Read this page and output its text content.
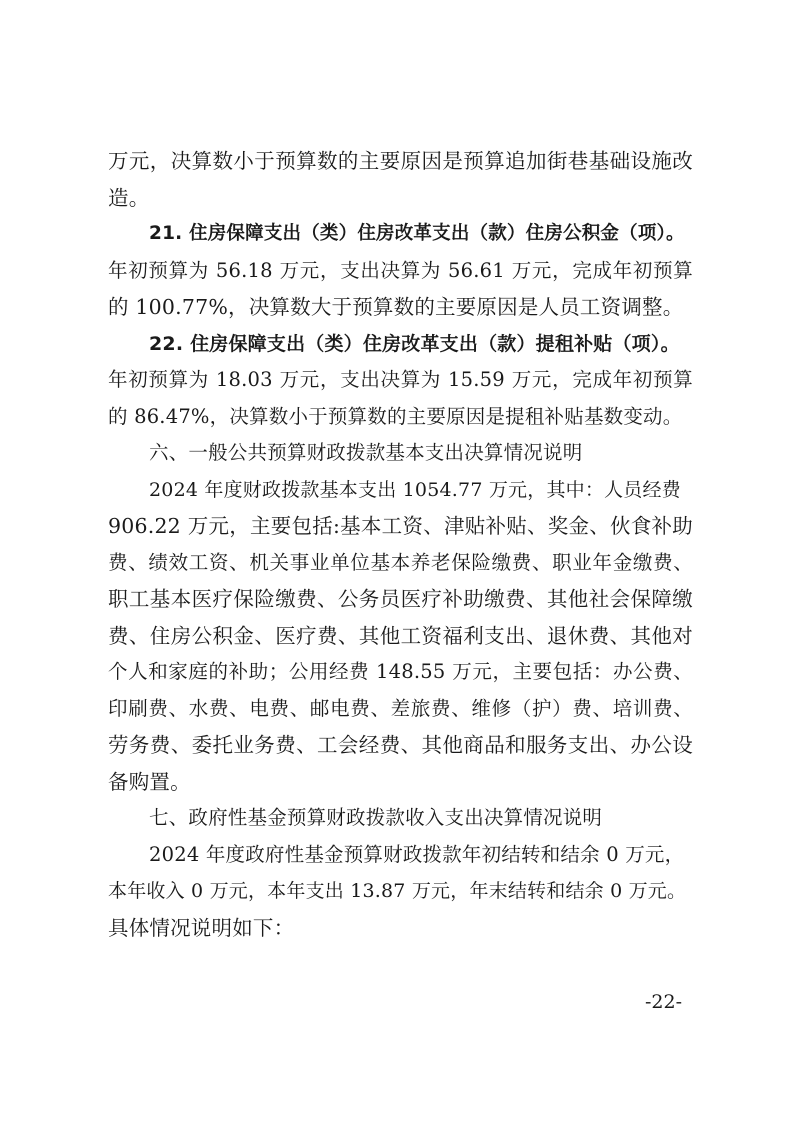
万元，决算数小于预算数的主要原因是预算追加街巷基础设施改
造。
21. 住房保障支出（类）住房改革支出（款）住房公积金（项）。
年初预算为 56.18 万元，支出决算为 56.61 万元，完成年初预算
的 100.77%，决算数大于预算数的主要原因是人员工资调整。
22. 住房保障支出（类）住房改革支出（款）提租补贴（项）。
年初预算为 18.03 万元，支出决算为 15.59 万元，完成年初预算
的 86.47%，决算数小于预算数的主要原因是提租补贴基数变动。
六、一般公共预算财政拨款基本支出决算情况说明
2024 年度财政拨款基本支出 1054.77 万元，其中：人员经费
906.22 万元，主要包括:基本工资、津贴补贴、奖金、伙食补助
费、绩效工资、机关事业单位基本养老保险缴费、职业年金缴费、
职工基本医疗保险缴费、公务员医疗补助缴费、其他社会保障缴
费、住房公积金、医疗费、其他工资福利支出、退休费、其他对
个人和家庭的补助；公用经费 148.55 万元，主要包括：办公费、
印刷费、水费、电费、邮电费、差旅费、维修（护）费、培训费、
劳务费、委托业务费、工会经费、其他商品和服务支出、办公设
备购置。
七、政府性基金预算财政拨款收入支出决算情况说明
2024 年度政府性基金预算财政拨款年初结转和结余 0 万元，
本年收入 0 万元，本年支出 13.87 万元，年末结转和结余 0 万元。
具体情况说明如下：
-22-
